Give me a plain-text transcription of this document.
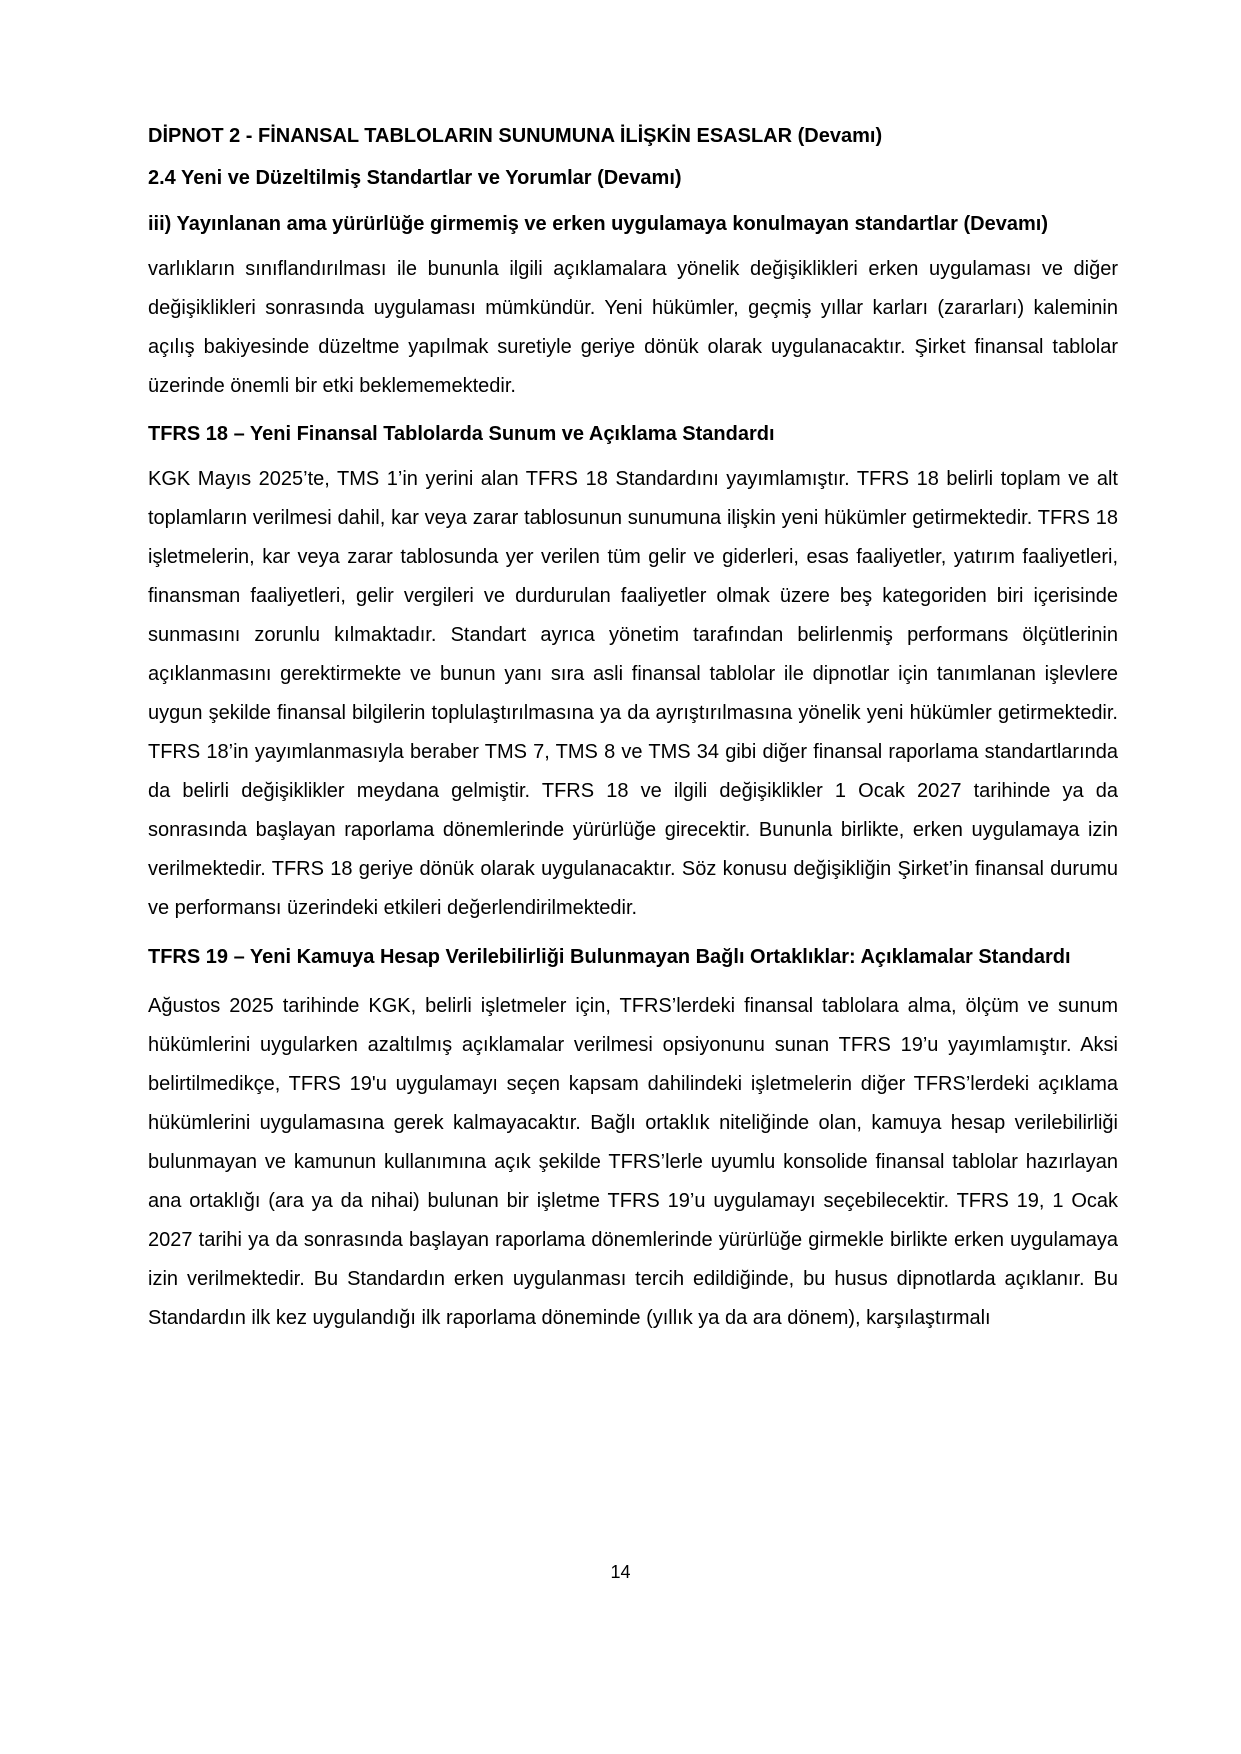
DİPNOT 2 - FİNANSAL TABLOLARIN SUNUMUNA İLİŞKİN ESASLAR (Devamı)
2.4 Yeni ve Düzeltilmiş Standartlar ve Yorumlar (Devamı)
iii) Yayınlanan ama yürürlüğe girmemiş ve erken uygulamaya konulmayan standartlar (Devamı)

varlıkların sınıflandırılması ile bununla ilgili açıklamalara yönelik değişiklikleri erken uygulaması ve diğer değişiklikleri sonrasında uygulaması mümkündür. Yeni hükümler, geçmiş yıllar karları (zararları) kaleminin açılış bakiyesinde düzeltme yapılmak suretiyle geriye dönük olarak uygulanacaktır. Şirket finansal tablolar üzerinde önemli bir etki beklememektedir.

TFRS 18 – Yeni Finansal Tablolarda Sunum ve Açıklama Standardı

KGK Mayıs 2025’te, TMS 1’in yerini alan TFRS 18 Standardını yayımlamıştır. TFRS 18 belirli toplam ve alt toplamların verilmesi dahil, kar veya zarar tablosunun sunumuna ilişkin yeni hükümler getirmektedir. TFRS 18 işletmelerin, kar veya zarar tablosunda yer verilen tüm gelir ve giderleri, esas faaliyetler, yatırım faaliyetleri, finansman faaliyetleri, gelir vergileri ve durdurulan faaliyetler olmak üzere beş kategoriden biri içerisinde sunmasını zorunlu kılmaktadır. Standart ayrıca yönetim tarafından belirlenmiş performans ölçütlerinin açıklanmasını gerektirmekte ve bunun yanı sıra asli finansal tablolar ile dipnotlar için tanımlanan işlevlere uygun şekilde finansal bilgilerin toplulaştırılmasına ya da ayrıştırılmasına yönelik yeni hükümler getirmektedir. TFRS 18’in yayımlanmasıyla beraber TMS 7, TMS 8 ve TMS 34 gibi diğer finansal raporlama standartlarında da belirli değişiklikler meydana gelmiştir. TFRS 18 ve ilgili değişiklikler 1 Ocak 2027 tarihinde ya da sonrasında başlayan raporlama dönemlerinde yürürlüğe girecektir. Bununla birlikte, erken uygulamaya izin verilmektedir. TFRS 18 geriye dönük olarak uygulanacaktır. Söz konusu değişikliğin Şirket’in finansal durumu ve performansı üzerindeki etkileri değerlendirilmektedir.

TFRS 19 – Yeni Kamuya Hesap Verilebilirliği Bulunmayan Bağlı Ortaklıklar: Açıklamalar Standardı

Ağustos 2025 tarihinde KGK, belirli işletmeler için, TFRS’lerdeki finansal tablolara alma, ölçüm ve sunum hükümlerini uygularken azaltılmış açıklamalar verilmesi opsiyonunu sunan TFRS 19’u yayımlamıştır. Aksi belirtilmedikçe, TFRS 19'u uygulamayı seçen kapsam dahilindeki işletmelerin diğer TFRS’lerdeki açıklama hükümlerini uygulamasına gerek kalmayacaktır. Bağlı ortaklık niteliğinde olan, kamuya hesap verilebilirliği bulunmayan ve kamunun kullanımına açık şekilde TFRS’lerle uyumlu konsolide finansal tablolar hazırlayan ana ortaklığı (ara ya da nihai) bulunan bir işletme TFRS 19’u uygulamayı seçebilecektir. TFRS 19, 1 Ocak 2027 tarihi ya da sonrasında başlayan raporlama dönemlerinde yürürlüğe girmekle birlikte erken uygulamaya izin verilmektedir. Bu Standardın erken uygulanması tercih edildiğinde, bu husus dipnotlarda açıklanır. Bu Standardın ilk kez uygulandığı ilk raporlama döneminde (yıllık ya da ara dönem), karşılaştırmalı

14
